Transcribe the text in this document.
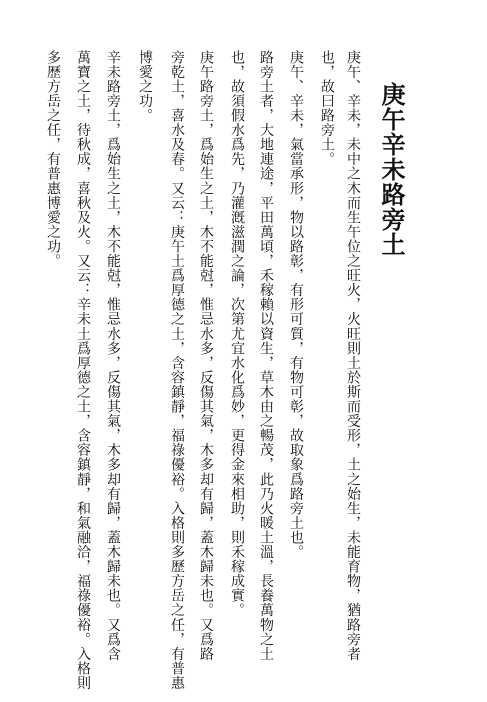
庚午辛未路旁土
庚午、辛未，未中之木而生午位之旺火，火旺則土於斯而受形，土之始生，未能育物，猶路旁者
也，故曰路旁土。
庚午、辛未，氣當承形，物以路彰，有形可質，有物可彰，故取象爲路旁土也。
路旁土者，大地連途，平田萬頃，禾稼賴以資生，草木由之暢茂，此乃火暖土溫，長養萬物之土
也，故須假水爲先，乃灌漑滋潤之論，次第尤宜水化爲妙，更得金來相助，則禾稼成實。
庚午路旁土，爲始生之土，木不能尅，惟忌水多，反傷其氣，木多却有歸，蓋木歸未也。又爲路
旁乾土，喜水及春。又云：庚午土爲厚德之土，含容鎮靜，福祿優裕。入格則多歷方岳之任，有普惠
博愛之功。
辛未路旁土，爲始生之土，木不能尅，惟忌水多，反傷其氣，木多却有歸，蓋木歸未也。又爲含
萬寶之土，待秋成，喜秋及火。又云：辛未土爲厚德之土，含容鎮靜，和氣融洽，福祿優裕。入格則
多歷方岳之任，有普惠博愛之功。
